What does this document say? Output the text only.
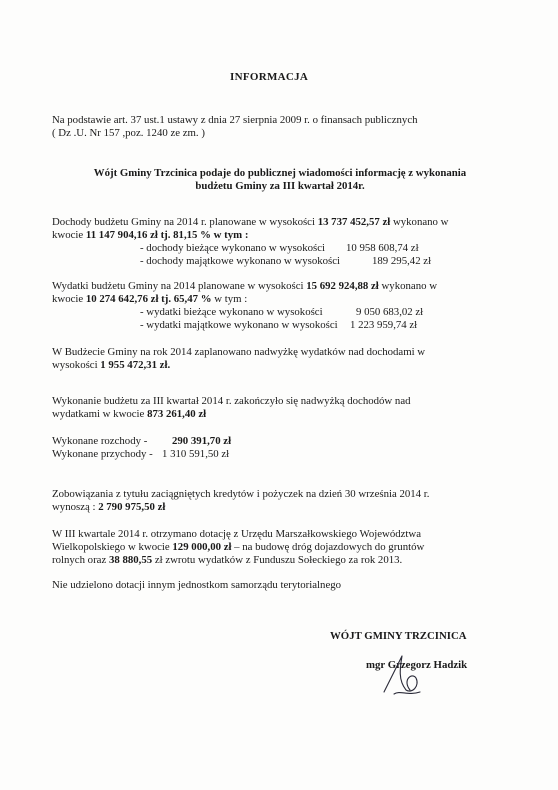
INFORMACJA
Na podstawie art. 37 ust.1 ustawy z dnia 27 sierpnia 2009 r. o finansach publicznych
( Dz .U. Nr 157 ,poz. 1240 ze zm. )
Wójt Gminy Trzcinica podaje do publicznej wiadomości informację z wykonania
budżetu Gminy za III kwartał 2014r.
Dochody budżetu Gminy na 2014 r. planowane w wysokości 13 737 452,57 zł wykonano w
kwocie 11 147 904,16 zł tj. 81,15 % w tym :
- dochody bieżące wykonano w wysokości 10 958 608,74 zł
- dochody majątkowe wykonano w wysokości	189 295,42 zł
Wydatki budżetu Gminy na 2014 planowane w wysokości 15 692 924,88 zł wykonano w
kwocie 10 274 642,76 zł tj. 65,47 % w tym :
- wydatki bieżące wykonano w wysokości	9 050 683,02 zł
- wydatki majątkowe wykonano w wysokości 1 223 959,74 zł
W Budżecie Gminy na rok 2014 zaplanowano nadwyżkę wydatków nad dochodami w
wysokości 1 955 472,31 zł.
Wykonanie budżetu za III kwartał 2014 r. zakończyło się nadwyżką dochodów nad
wydatkami w kwocie 873 261,40 zł
Wykonane rozchody - 290 391,70 zł
Wykonane przychody - 1 310 591,50 zł
Zobowiązania z tytułu zaciągniętych kredytów i pożyczek na dzień 30 września 2014 r.
wynoszą : 2 790 975,50 zł
W III kwartale 2014 r. otrzymano dotację z Urzędu Marszałkowskiego Województwa
Wielkopolskiego w kwocie 129 000,00 zł – na budowę dróg dojazdowych do gruntów
rolnych oraz 38 880,55 zł zwrotu wydatków z Funduszu Sołeckiego za rok 2013.
Nie udzielono dotacji innym jednostkom samorządu terytorialnego
WÓJT GMINY TRZCINICA
mgr Grzegorz Hadzik
